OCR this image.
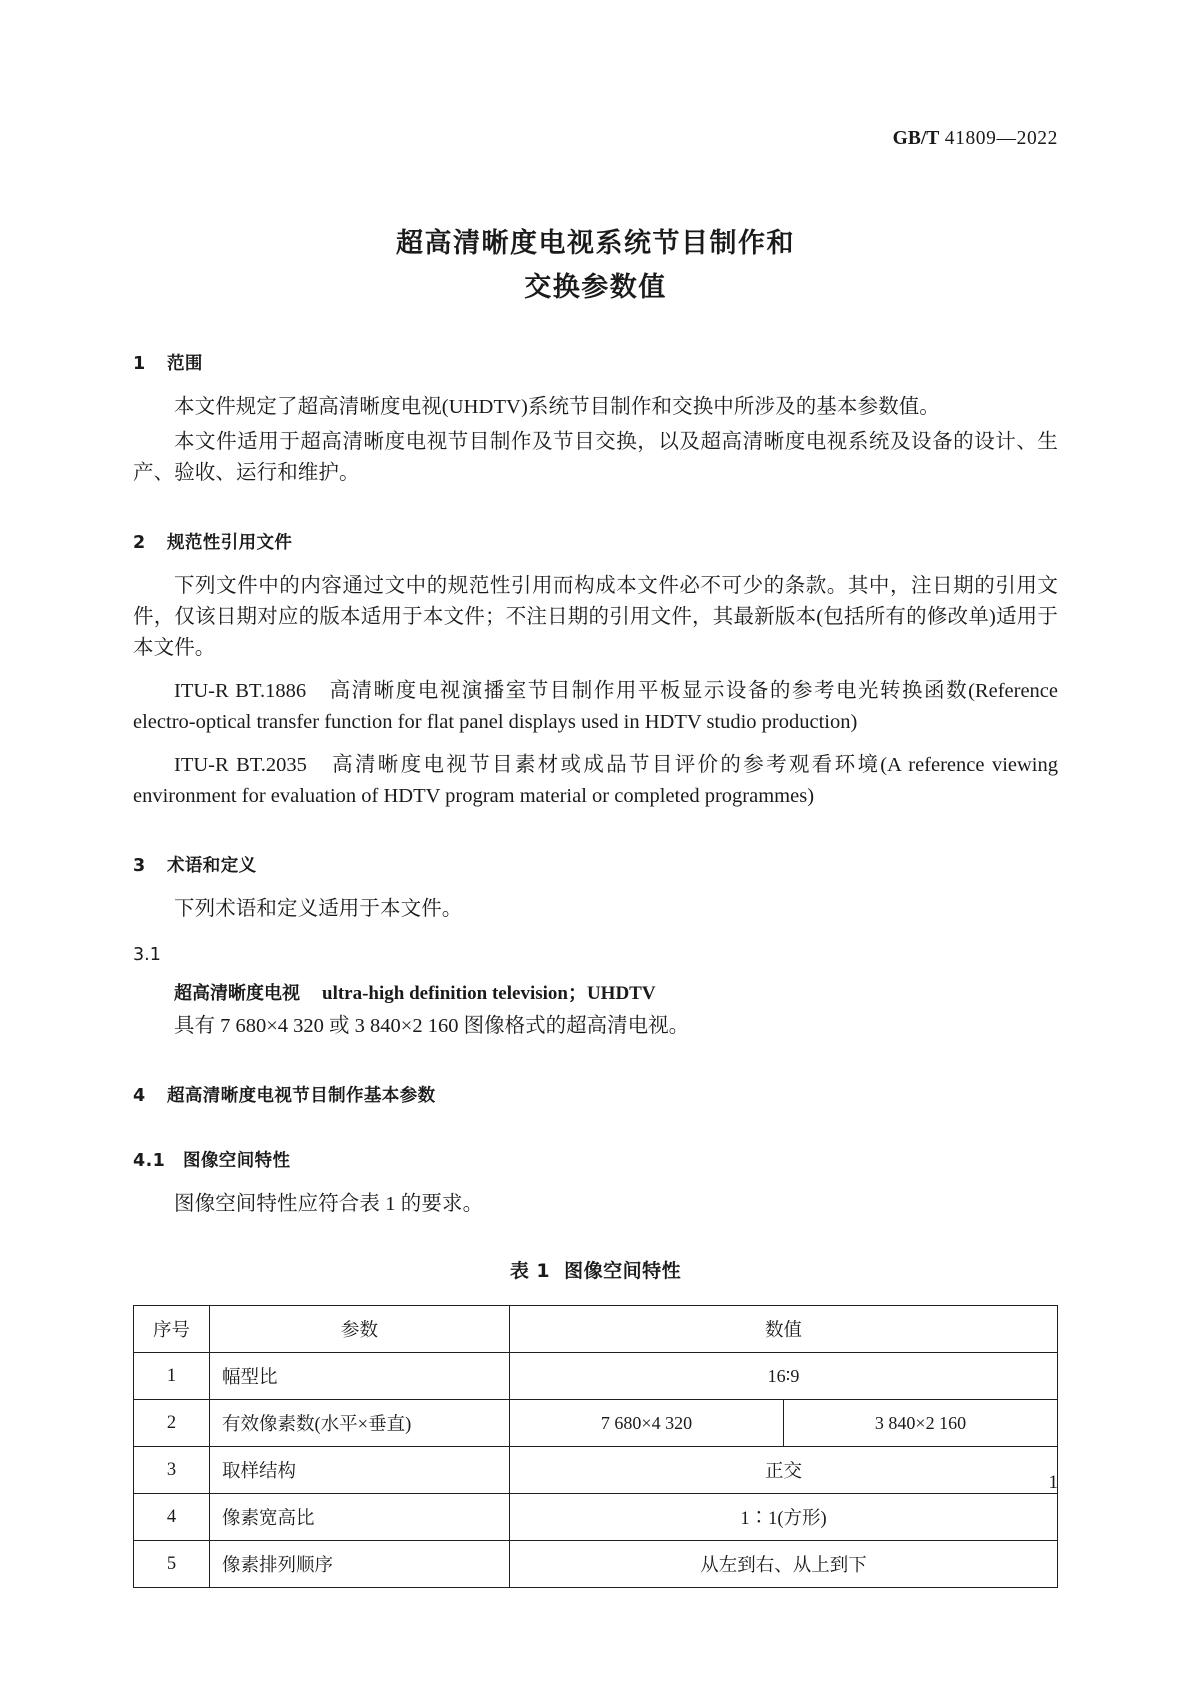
GB/T 41809—2022
超高清晰度电视系统节目制作和
交换参数值
1 范围

本文件规定了超高清晰度电视(UHDTV)系统节目制作和交换中所涉及的基本参数值。

本文件适用于超高清晰度电视节目制作及节目交换，以及超高清晰度电视系统及设备的设计、生产、验收、运行和维护。

2 规范性引用文件

下列文件中的内容通过文中的规范性引用而构成本文件必不可少的条款。其中，注日期的引用文件，仅该日期对应的版本适用于本文件；不注日期的引用文件，其最新版本(包括所有的修改单)适用于本文件。

ITU-R BT.1886　高清晰度电视演播室节目制作用平板显示设备的参考电光转换函数(Reference electro-optical transfer function for flat panel displays used in HDTV studio production)

ITU-R BT.2035　高清晰度电视节目素材或成品节目评价的参考观看环境(A reference viewing environment for evaluation of HDTV program material or completed programmes)

3 术语和定义

下列术语和定义适用于本文件。

3.1
超高清晰度电视 ultra-high definition television；UHDTV
具有 7 680×4 320 或 3 840×2 160 图像格式的超高清电视。
4 超高清晰度电视节目制作基本参数
4.1 图像空间特性

图像空间特性应符合表 1 的要求。

表 1 图像空间特性
序号	参数	数值	
1	幅型比	16∶9	
2	有效像素数(水平×垂直)	7 680×4 320	3 840×2 160
3	取样结构	正交	
4	像素宽高比	1∶1(方形)	
5	像素排列顺序	从左到右、从上到下	
1
